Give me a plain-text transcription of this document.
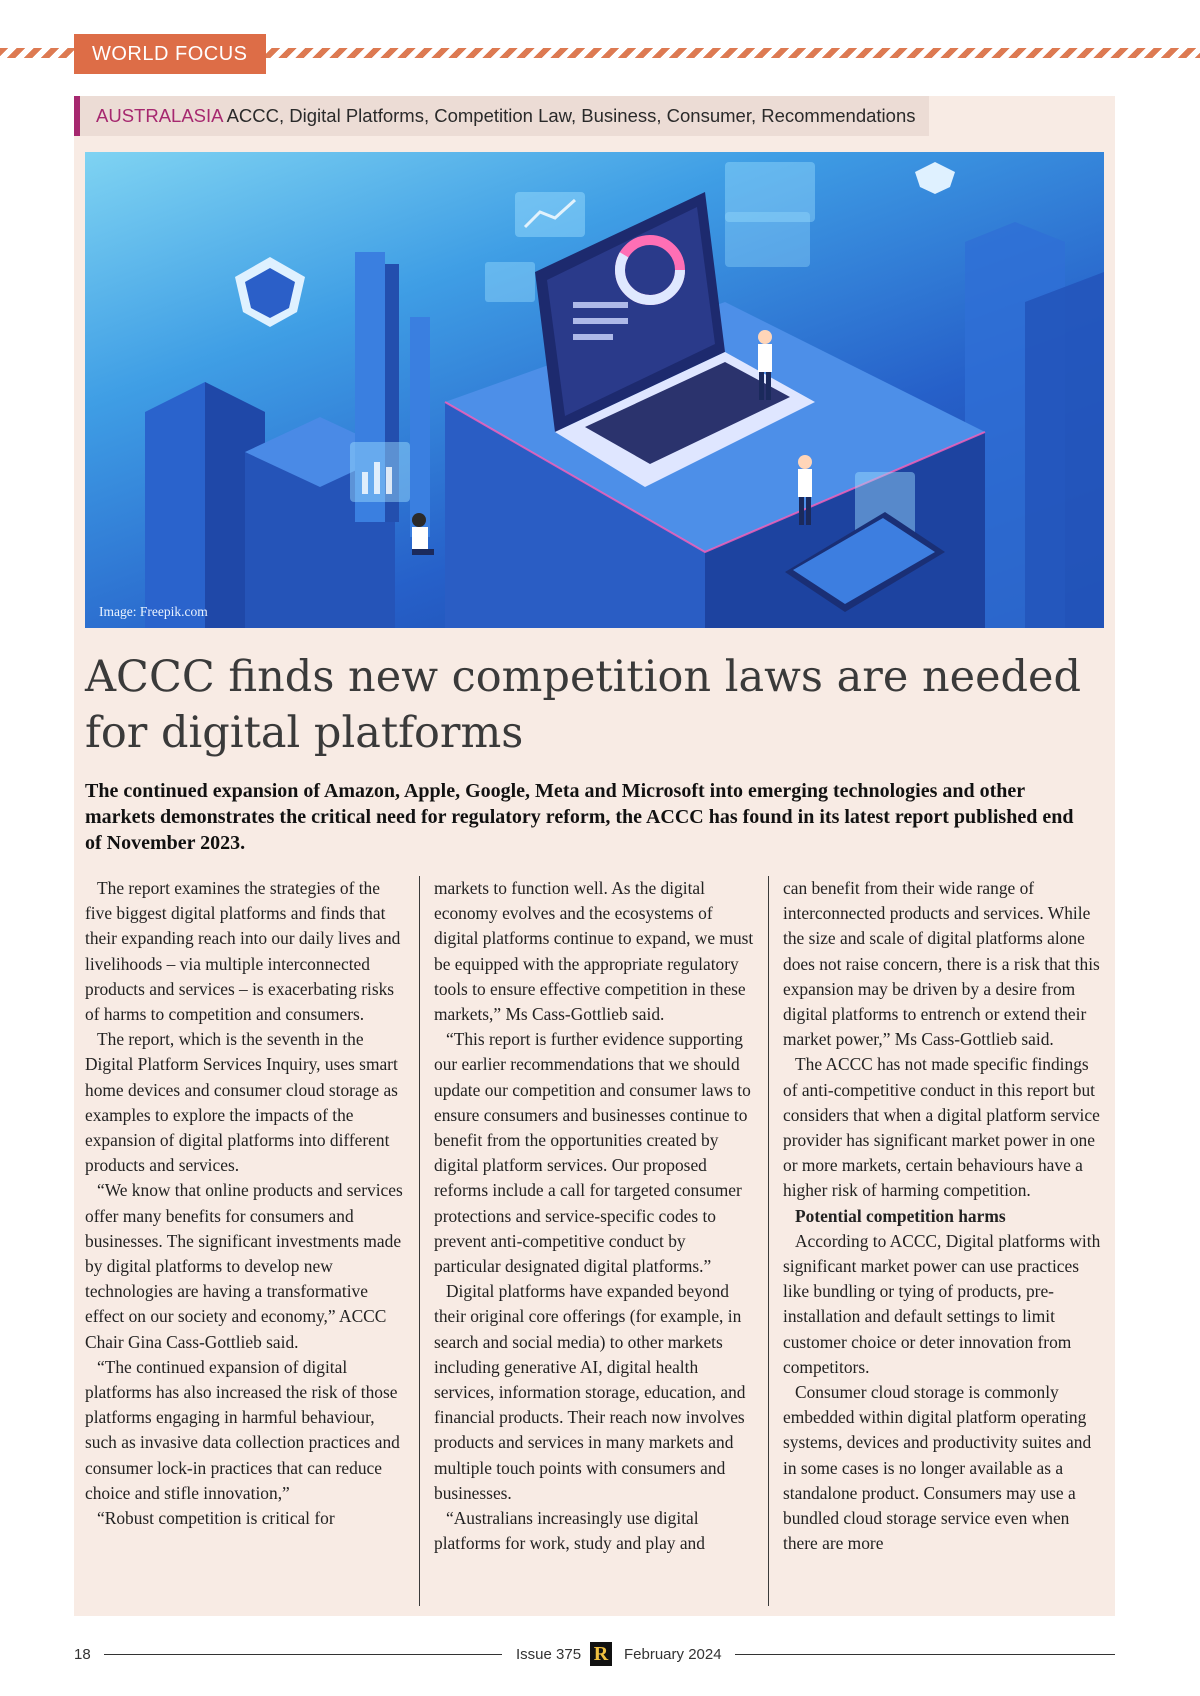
WORLD FOCUS
AUSTRALASIA ACCC, Digital Platforms, Competition Law, Business, Consumer, Recommendations
Image: Freepik.com
ACCC finds new competition laws are needed
for digital platforms

The continued expansion of Amazon, Apple, Google, Meta and Microsoft into emerging technologies and other markets demonstrates the critical need for regulatory reform, the ACCC has found in its latest report published end of November 2023.

The report examines the strategies of the five biggest digital platforms and finds that their expanding reach into our daily lives and livelihoods – via multiple interconnected products and services – is exacerbating risks of harms to competition and consumers.

The report, which is the seventh in the Digital Platform Services Inquiry, uses smart home devices and consumer cloud storage as examples to explore the impacts of the expansion of digital platforms into different products and services.

“We know that online products and services offer many benefits for consumers and businesses. The significant investments made by digital platforms to develop new technologies are having a transformative effect on our society and economy,” ACCC Chair Gina Cass-Gottlieb said.

“The continued expansion of digital platforms has also increased the risk of those platforms engaging in harmful behaviour, such as invasive data collection practices and consumer lock-in practices that can reduce choice and stifle innovation,”

“Robust competition is critical for

markets to function well. As the digital economy evolves and the ecosystems of digital platforms continue to expand, we must be equipped with the appropriate regulatory tools to ensure effective competition in these markets,” Ms Cass-Gottlieb said.

“This report is further evidence supporting our earlier recommendations that we should update our competition and consumer laws to ensure consumers and businesses continue to benefit from the opportunities created by digital platform services. Our proposed reforms include a call for targeted consumer protections and service-specific codes to prevent anti-competitive conduct by particular designated digital platforms.”

Digital platforms have expanded beyond their original core offerings (for example, in search and social media) to other markets including generative AI, digital health services, information storage, education, and financial products. Their reach now involves products and services in many markets and multiple touch points with consumers and businesses.

“Australians increasingly use digital platforms for work, study and play and

can benefit from their wide range of interconnected products and services. While the size and scale of digital platforms alone does not raise concern, there is a risk that this expansion may be driven by a desire from digital platforms to entrench or extend their market power,” Ms Cass-Gottlieb said.

The ACCC has not made specific findings of anti-competitive conduct in this report but considers that when a digital platform service provider has significant market power in one or more markets, certain behaviours have a higher risk of harming competition.

Potential competition harms

According to ACCC, Digital platforms with significant market power can use practices like bundling or tying of products, pre-installation and default settings to limit customer choice or deter innovation from competitors.

Consumer cloud storage is commonly embedded within digital platform operating systems, devices and productivity suites and in some cases is no longer available as a standalone product. Consumers may use a bundled cloud storage service even when there are more

18	Issue 375 R February 2024
